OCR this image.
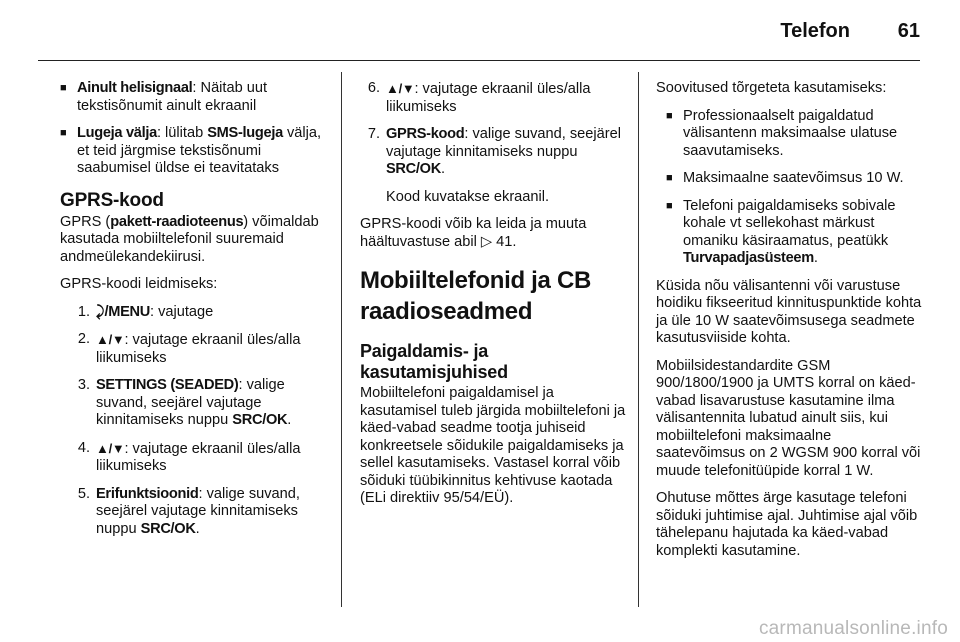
Telefon	61
■ Ainult helisignaal: Näitab uut tekstisõnumit ainult ekraanil
■ Lugeja välja: lülitab SMS-lugeja välja, et teid järgmise tekstisõnumi saabumisel üldse ei teavitataks
GPRS-kood

GPRS (pakett-raadioteenus) võimaldab kasutada mobiiltelefonil suuremaid andmeülekandekiirusi.

GPRS-koodi leidmiseks:

1. ⤸/MENU: vajutage
2. ▲/▼: vajutage ekraanil üles/alla liikumiseks
3. SETTINGS (SEADED): valige suvand, seejärel vajutage kinnitamiseks nuppu SRC/OK.
4. ▲/▼: vajutage ekraanil üles/alla liikumiseks
5. Erifunktsioonid: valige suvand, seejärel vajutage kinnitamiseks nuppu SRC/OK.
6. ▲/▼: vajutage ekraanil üles/alla liikumiseks
7. GPRS-kood: valige suvand, seejärel vajutage kinnitamiseks nuppu SRC/OK.

Kood kuvatakse ekraanil.

GPRS-koodi võib ka leida ja muuta häältuvastuse abil ▷ 41.

Mobiiltelefonid ja CB raadioseadmed
Paigaldamis- ja kasutamisjuhised

Mobiiltelefoni paigaldamisel ja kasutamisel tuleb järgida mobiiltelefoni ja käed-vabad seadme tootja juhiseid konkreetsele sõidukile paigaldamiseks ja sellel kasutamiseks. Vastasel korral võib sõiduki tüübikinnitus kehtivuse kaotada (ELi direktiiv 95/54/EÜ).

Soovitused tõrgeteta kasutamiseks:

■ Professionaalselt paigaldatud välisantenn maksimaalse ulatuse saavutamiseks.
■ Maksimaalne saatevõimsus 10 W.
■ Telefoni paigaldamiseks sobivale kohale vt sellekohast märkust omaniku käsiraamatus, peatükk Turvapadjasüsteem.

Küsida nõu välisantenni või varustuse hoidiku fikseeritud kinnituspunktide kohta ja üle 10 W saatevõimsusega seadmete kasutusviiside kohta.

Mobiilsidestandardite GSM 900/1800/1900 ja UMTS korral on käed-vabad lisavarustuse kasutamine ilma välisantennita lubatud ainult siis, kui mobiiltelefoni maksimaalne saatevõimsus on 2 WGSM 900 korral või muude telefonitüüpide korral 1 W.

Ohutuse mõttes ärge kasutage telefoni sõiduki juhtimise ajal. Juhtimise ajal võib tähelepanu hajutada ka käed-vabad komplekti kasutamine.

carmanualsonline.info
